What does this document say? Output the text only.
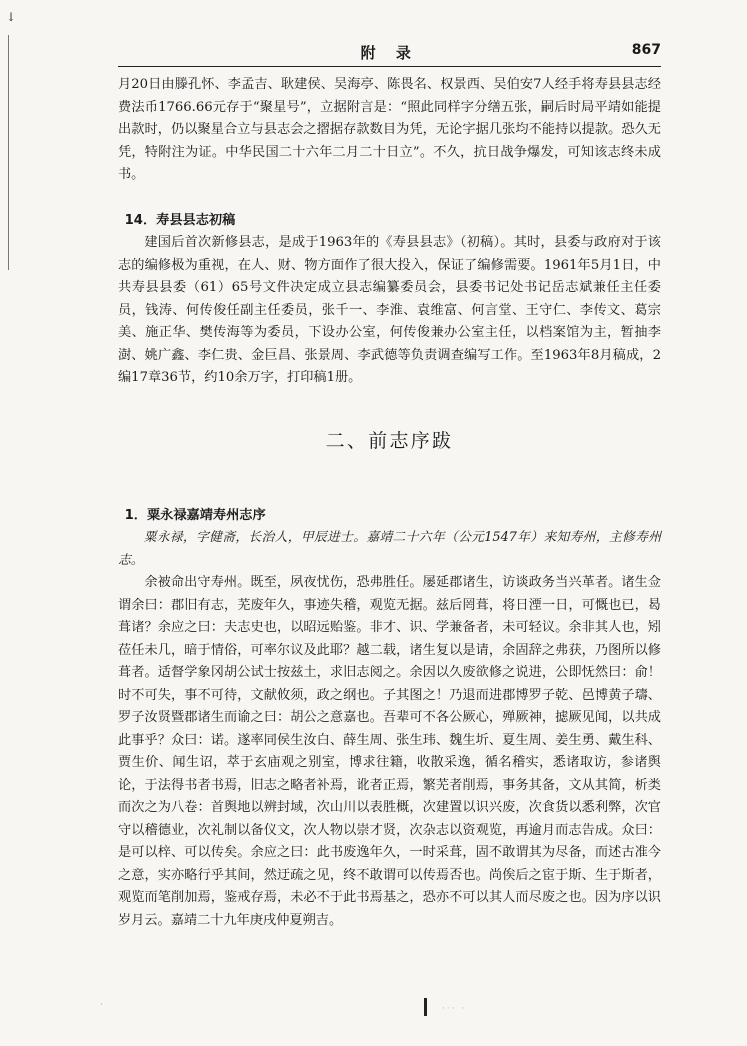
↓
附 录	867

月20日由滕孔怀、李孟吉、耿建侯、吴海亭、陈畏名、权景西、吴伯安7人经手将寿县县志经费法币1766.66元存于“聚星号”，立据附言是：“照此同样字分缮五张，嗣后时局平靖如能提出款时，仍以聚星合立与县志会之摺据存款数目为凭，无论字据几张均不能持以提款。恐久无凭，特附注为证。中华民国二十六年二月二十日立”。不久，抗日战争爆发，可知该志终未成书。

14．寿县县志初稿

建国后首次新修县志，是成于1963年的《寿县县志》（初稿）。其时，县委与政府对于该志的编修极为重视，在人、财、物方面作了很大投入，保证了编修需要。1961年5月1日，中共寿县县委（61）65号文件决定成立县志编纂委员会，县委书记处书记岳志斌兼任主任委员，钱涛、何传俊任副主任委员，张千一、李淮、袁维富、何言堂、王守仁、李传文、葛宗美、施正华、樊传海等为委员，下设办公室，何传俊兼办公室主任，以档案馆为主，暂抽李澍、姚广鑫、李仁贵、金巨昌、张景周、李武德等负责调查编写工作。至1963年8月稿成，2编17章36节，约10余万字，打印稿1册。

二、前志序跋

1．粟永禄嘉靖寿州志序

粟永禄，字健斋，长治人，甲辰进士。嘉靖二十六年（公元1547年）来知寿州，主修寿州志。

余被命出守寿州。既至，夙夜忧伤，恐弗胜任。屡延郡诸生，访谈政务当兴革者。诸生佥谓余曰：郡旧有志，芜废年久，事迹失稽，观览无据。兹后罔葺，将日湮一日，可慨也已，曷葺诸？余应之曰：夫志史也，以昭远贻鉴。非才、识、学兼备者，未可轻议。余非其人也，矧莅任未几，暗于情俗，可率尔议及此耶？越二载，诸生复以是请，余固辞之弗获，乃图所以修葺者。适督学象冈胡公试士按兹土，求旧志阅之。余因以久废欲修之说进，公即怃然曰：俞！时不可失，事不可待，文献攸须，政之纲也。子其图之！乃退而进郡博罗子乾、邑博黄子璹、罗子汝贤暨郡诸生而谕之曰：胡公之意嘉也。吾辈可不各公厥心，殚厥神，摅厥见闻，以共成此事乎？众曰：诺。遂率同侯生汝白、薛生周、张生玮、魏生圻、夏生周、姜生勇、戴生科、贾生价、闻生诏，萃于玄庙观之别室，博求往籍，收散采逸，循名稽实，悉诸取访，参诸舆论，于法得书者书焉，旧志之略者补焉，讹者正焉，繁芜者削焉，事务其备，文从其简，析类而次之为八卷：首舆地以辨封域，次山川以表胜概，次建置以识兴废，次食货以悉利弊，次官守以稽德业，次礼制以备仪文，次人物以崇才贤，次杂志以资观览，再逾月而志告成。众曰：是可以梓、可以传矣。余应之曰：此书废逸年久，一时采葺，固不敢谓其为尽备，而述古准今之意，实亦略行乎其间，然迂疏之见，终不敢谓可以传焉否也。尚俟后之宦于斯、生于斯者，观览而笔削加焉，鉴戒存焉，未必不于此书焉基之，恐亦不可以其人而尽废之也。因为序以识岁月云。嘉靖二十九年庚戌仲夏朔吉。

·	··· ·
